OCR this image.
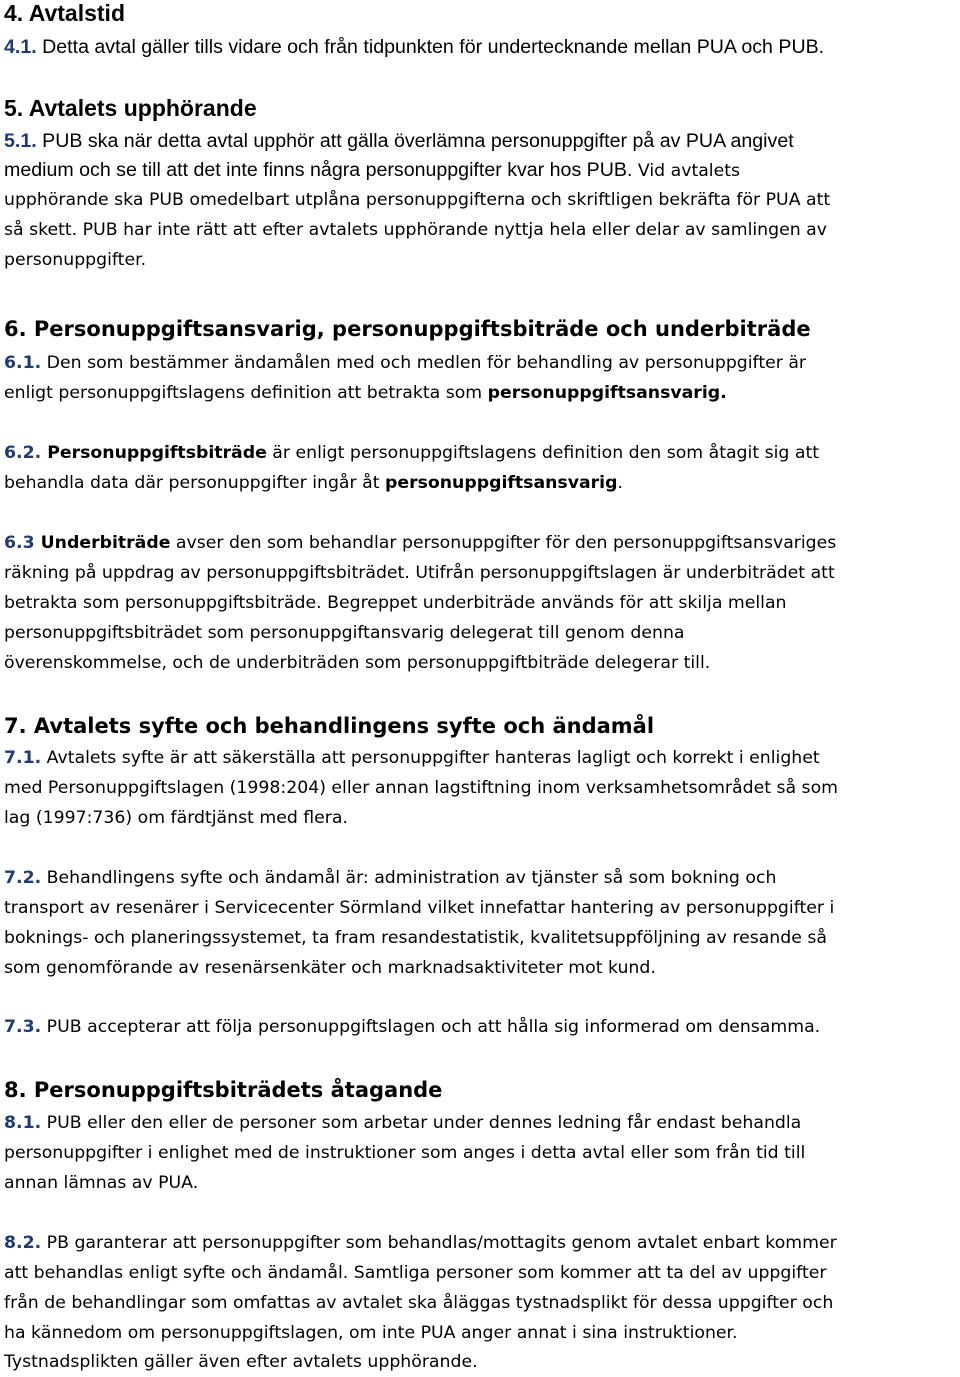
4. Avtalstid
4.1. Detta avtal gäller tills vidare och från tidpunkten för undertecknande mellan PUA och PUB.
5. Avtalets upphörande
5.1. PUB ska när detta avtal upphör att gälla överlämna personuppgifter på av PUA angivet
medium och se till att det inte finns några personuppgifter kvar hos PUB. Vid avtalets
upphörande ska PUB omedelbart utplåna personuppgifterna och skriftligen bekräfta för PUA att
så skett. PUB har inte rätt att efter avtalets upphörande nyttja hela eller delar av samlingen av
personuppgifter.
6. Personuppgiftsansvarig, personuppgiftsbiträde och underbiträde
6.1. Den som bestämmer ändamålen med och medlen för behandling av personuppgifter är
enligt personuppgiftslagens definition att betrakta som personuppgiftsansvarig.
6.2. Personuppgiftsbiträde är enligt personuppgiftslagens definition den som åtagit sig att
behandla data där personuppgifter ingår åt personuppgiftsansvarig.
6.3 Underbiträde avser den som behandlar personuppgifter för den personuppgiftsansvariges
räkning på uppdrag av personuppgiftsbiträdet. Utifrån personuppgiftslagen är underbiträdet att
betrakta som personuppgiftsbiträde. Begreppet underbiträde används för att skilja mellan
personuppgiftsbiträdet som personuppgiftansvarig delegerat till genom denna
överenskommelse, och de underbiträden som personuppgiftbiträde delegerar till.
7. Avtalets syfte och behandlingens syfte och ändamål
7.1. Avtalets syfte är att säkerställa att personuppgifter hanteras lagligt och korrekt i enlighet
med Personuppgiftslagen (1998:204) eller annan lagstiftning inom verksamhetsområdet så som
lag (1997:736) om färdtjänst med flera.
7.2. Behandlingens syfte och ändamål är: administration av tjänster så som bokning och
transport av resenärer i Servicecenter Sörmland vilket innefattar hantering av personuppgifter i
boknings- och planeringssystemet, ta fram resandestatistik, kvalitetsuppföljning av resande så
som genomförande av resenärsenkäter och marknadsaktiviteter mot kund.
7.3. PUB accepterar att följa personuppgiftslagen och att hålla sig informerad om densamma.
8. Personuppgiftsbiträdets åtagande
8.1. PUB eller den eller de personer som arbetar under dennes ledning får endast behandla
personuppgifter i enlighet med de instruktioner som anges i detta avtal eller som från tid till
annan lämnas av PUA.
8.2. PB garanterar att personuppgifter som behandlas/mottagits genom avtalet enbart kommer
att behandlas enligt syfte och ändamål. Samtliga personer som kommer att ta del av uppgifter
från de behandlingar som omfattas av avtalet ska åläggas tystnadsplikt för dessa uppgifter och
ha kännedom om personuppgiftslagen, om inte PUA anger annat i sina instruktioner.
Tystnadsplikten gäller även efter avtalets upphörande.
